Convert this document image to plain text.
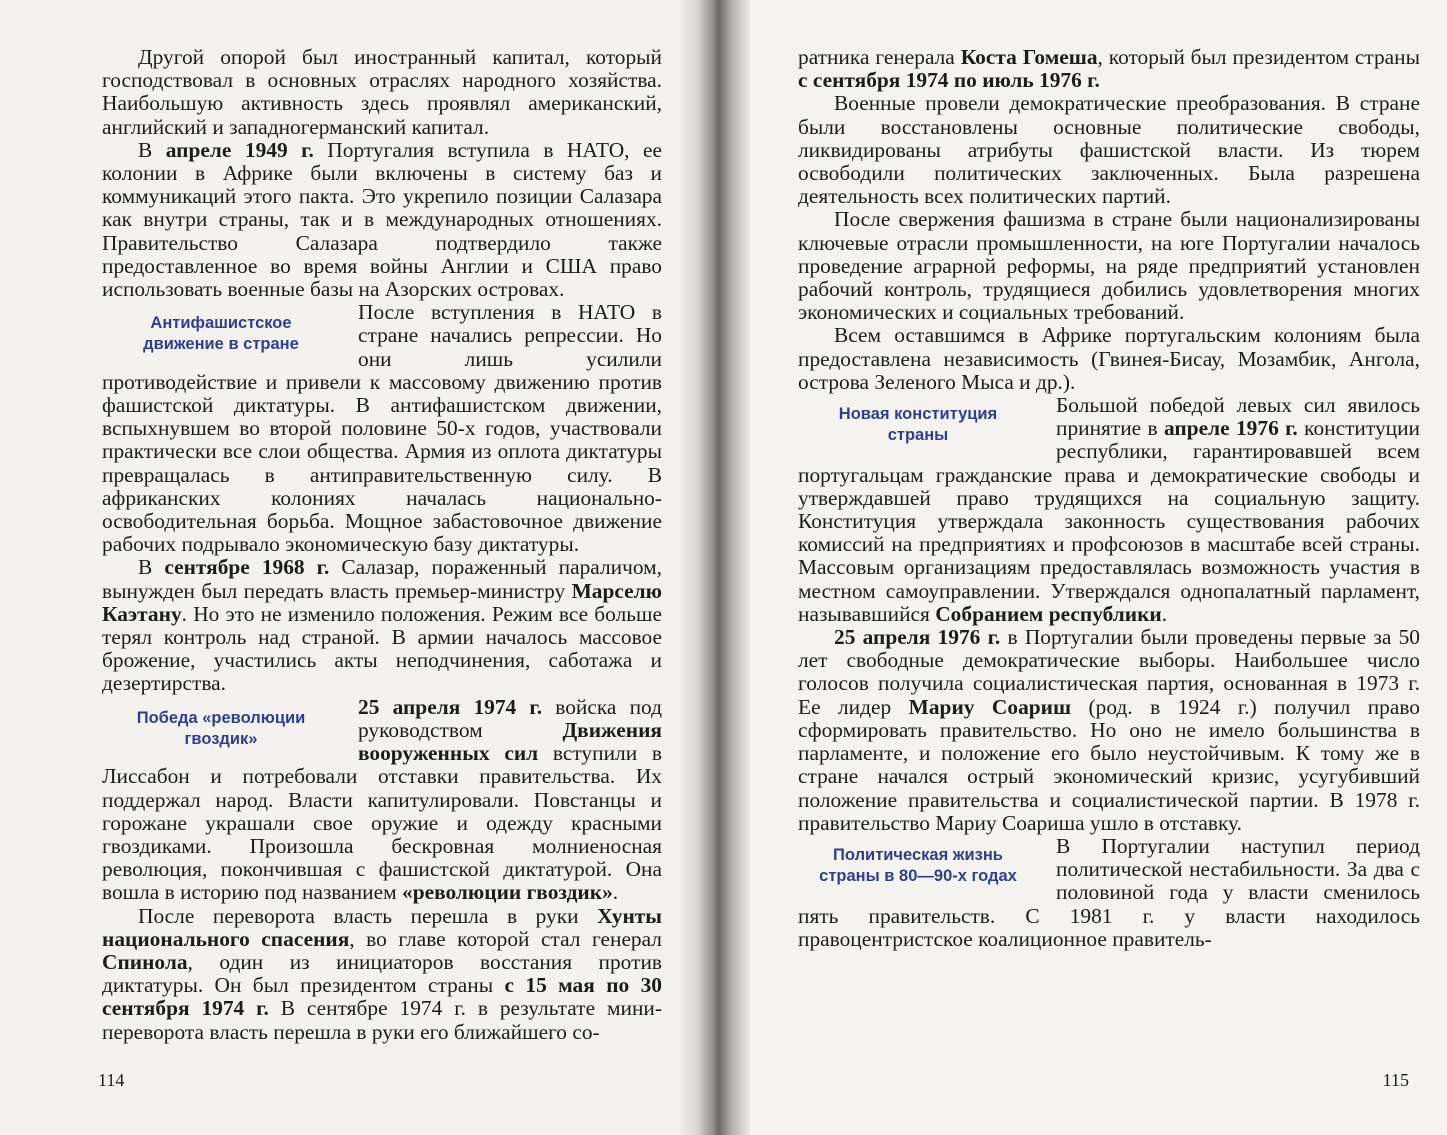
Другой опорой был иностранный капитал, который господствовал в основных отраслях народного хозяйства. Наибольшую активность здесь проявлял американский, английский и западногерманский капитал.

В апреле 1949 г. Португалия вступила в НАТО, ее колонии в Африке были включены в систему баз и коммуникаций этого пакта. Это укрепило позиции Салазара как внутри страны, так и в международных отношениях. Правительство Салазара подтвердило также предоставленное во время войны Англии и США право использовать военные базы на Азорских островах.

Антифашистское
движение в стране

После вступления в НАТО в стране начались репрессии. Но они лишь усилили противодействие и привели к массовому движению против фашистской диктатуры. В антифашистском движении, вспыхнувшем во второй половине 50-х годов, участвовали практически все слои общества. Армия из оплота диктатуры превращалась в антиправительственную силу. В африканских колониях началась национально-освободительная борьба. Мощное забастовочное движение рабочих подрывало экономическую базу диктатуры.

В сентябре 1968 г. Салазар, пораженный параличом, вынужден был передать власть премьер-министру Марселю Каэтану. Но это не изменило положения. Режим все больше терял контроль над страной. В армии началось массовое брожение, участились акты неподчинения, саботажа и дезертирства.

Победа «революции
гвоздик»

25 апреля 1974 г. войска под руководством Движения вооруженных сил вступили в Лиссабон и потребовали отставки правительства. Их поддержал народ. Власти капитулировали. Повстанцы и горожане украшали свое оружие и одежду красными гвоздиками. Произошла бескровная молниеносная революция, покончившая с фашистской диктатурой. Она вошла в историю под названием «революции гвоздик».

После переворота власть перешла в руки Хунты национального спасения, во главе которой стал генерал Спинола, один из инициаторов восстания против диктатуры. Он был президентом страны с 15 мая по 30 сентября 1974 г. В сентябре 1974 г. в результате мини-переворота власть перешла в руки его ближайшего со-

114

ратника генерала Коста Гомеша, который был президентом страны с сентября 1974 по июль 1976 г.

Военные провели демократические преобразования. В стране были восстановлены основные политические свободы, ликвидированы атрибуты фашистской власти. Из тюрем освободили политических заключенных. Была разрешена деятельность всех политических партий.

После свержения фашизма в стране были национализированы ключевые отрасли промышленности, на юге Португалии началось проведение аграрной реформы, на ряде предприятий установлен рабочий контроль, трудящиеся добились удовлетворения многих экономических и социальных требований.

Всем оставшимся в Африке португальским колониям была предоставлена независимость (Гвинея-Бисау, Мозамбик, Ангола, острова Зеленого Мыса и др.).

Новая конституция
страны

Большой победой левых сил явилось принятие в апреле 1976 г. конституции республики, гарантировавшей всем португальцам гражданские права и демократические свободы и утверждавшей право трудящихся на социальную защиту. Конституция утверждала законность существования рабочих комиссий на предприятиях и профсоюзов в масштабе всей страны. Массовым организациям предоставлялась возможность участия в местном самоуправлении. Утверждался однопалатный парламент, называвшийся Собранием республики.

25 апреля 1976 г. в Португалии были проведены первые за 50 лет свободные демократические выборы. Наибольшее число голосов получила социалистическая партия, основанная в 1973 г. Ее лидер Мариу Соариш (род. в 1924 г.) получил право сформировать правительство. Но оно не имело большинства в парламенте, и положение его было неустойчивым. К тому же в стране начался острый экономический кризис, усугубивший положение правительства и социалистической партии. В 1978 г. правительство Мариу Соариша ушло в отставку.

Политическая жизнь
страны в 80—90-х годах

В Португалии наступил период политической нестабильности. За два с половиной года у власти сменилось пять правительств. С 1981 г. у власти находилось правоцентристское коалиционное правитель-

115
